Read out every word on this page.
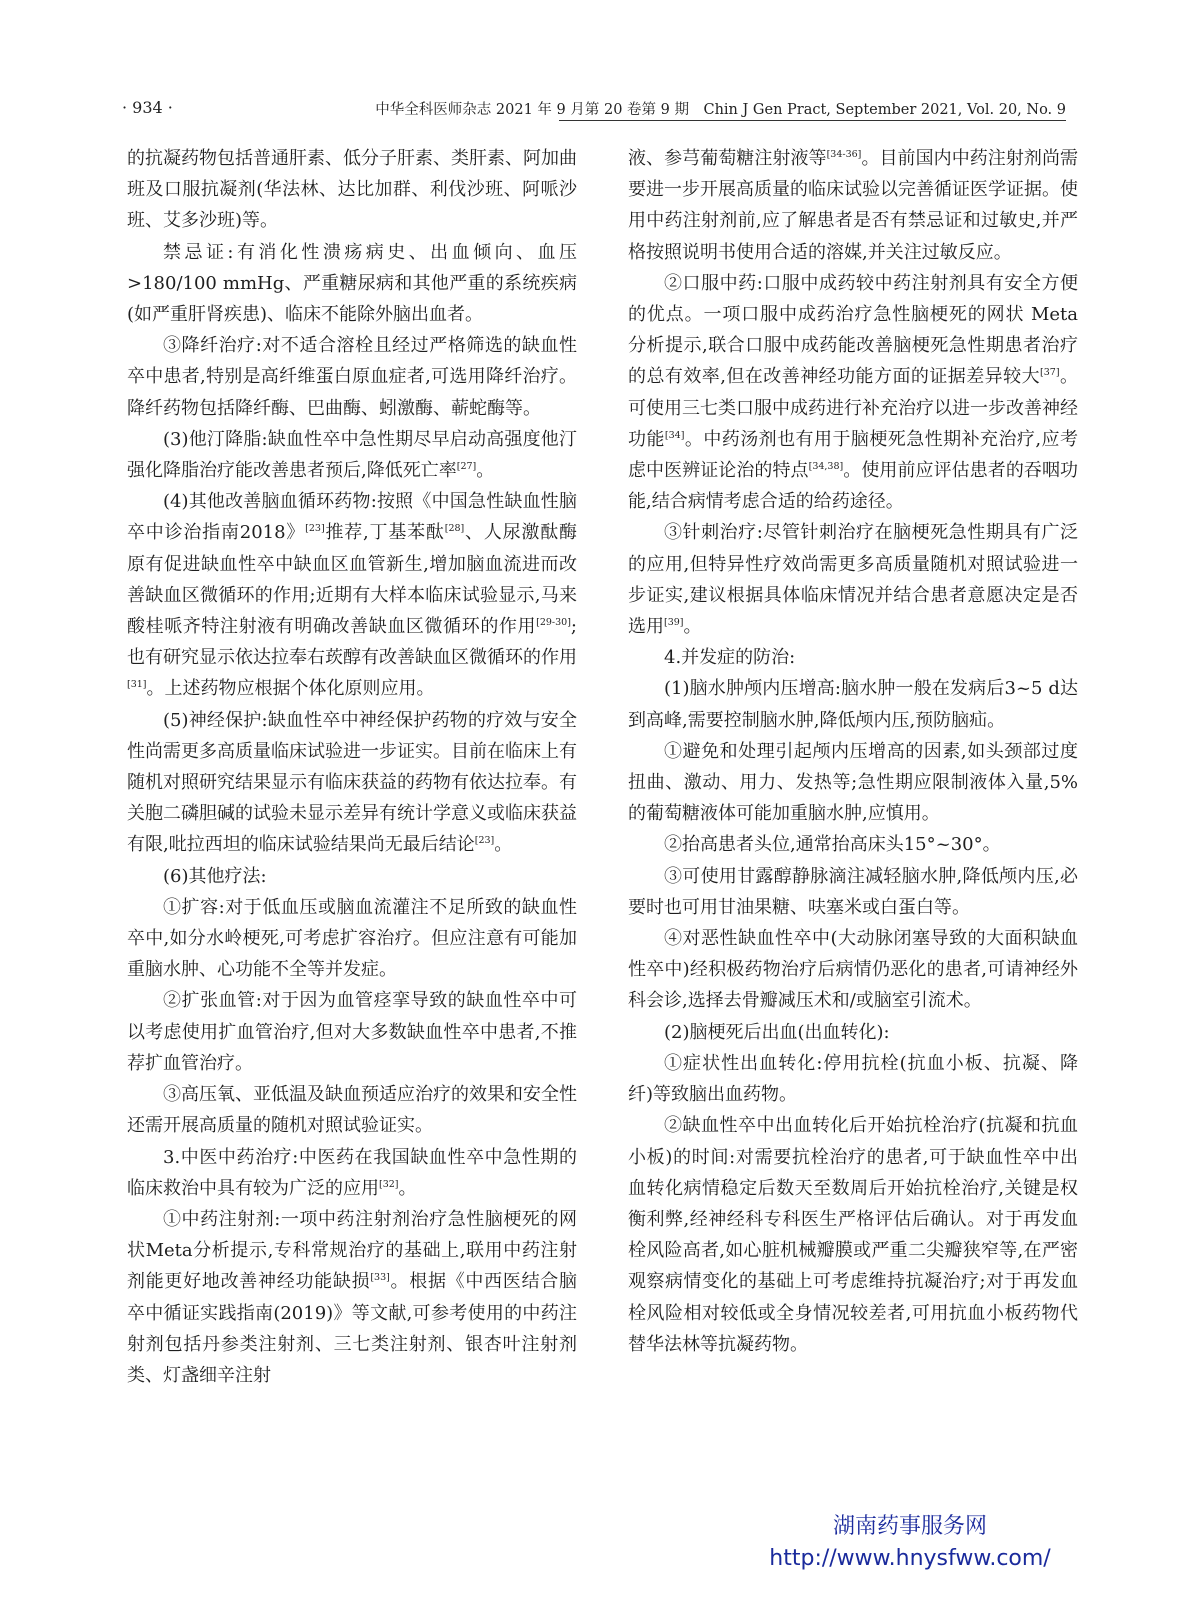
· 934 ·	中华全科医师杂志 2021 年 9 月第 20 卷第 9 期　Chin J Gen Pract, September 2021, Vol. 20, No. 9

的抗凝药物包括普通肝素、低分子肝素、类肝素、阿加曲班及口服抗凝剂(华法林、达比加群、利伐沙班、阿哌沙班、艾多沙班)等。

禁忌证:有消化性溃疡病史、出血倾向、血压>180/100 mmHg、严重糖尿病和其他严重的系统疾病(如严重肝肾疾患)、临床不能除外脑出血者。

③降纤治疗:对不适合溶栓且经过严格筛选的缺血性卒中患者,特别是高纤维蛋白原血症者,可选用降纤治疗。降纤药物包括降纤酶、巴曲酶、蚓激酶、蕲蛇酶等。

(3)他汀降脂:缺血性卒中急性期尽早启动高强度他汀强化降脂治疗能改善患者预后,降低死亡率[27]。

(4)其他改善脑血循环药物:按照《中国急性缺血性脑卒中诊治指南2018》[23]推荐,丁基苯酞[28]、人尿激酞酶原有促进缺血性卒中缺血区血管新生,增加脑血流进而改善缺血区微循环的作用;近期有大样本临床试验显示,马来酸桂哌齐特注射液有明确改善缺血区微循环的作用[29-30];也有研究显示依达拉奉右莰醇有改善缺血区微循环的作用[31]。上述药物应根据个体化原则应用。

(5)神经保护:缺血性卒中神经保护药物的疗效与安全性尚需更多高质量临床试验进一步证实。目前在临床上有随机对照研究结果显示有临床获益的药物有依达拉奉。有关胞二磷胆碱的试验未显示差异有统计学意义或临床获益有限,吡拉西坦的临床试验结果尚无最后结论[23]。

(6)其他疗法:

①扩容:对于低血压或脑血流灌注不足所致的缺血性卒中,如分水岭梗死,可考虑扩容治疗。但应注意有可能加重脑水肿、心功能不全等并发症。

②扩张血管:对于因为血管痉挛导致的缺血性卒中可以考虑使用扩血管治疗,但对大多数缺血性卒中患者,不推荐扩血管治疗。

③高压氧、亚低温及缺血预适应治疗的效果和安全性还需开展高质量的随机对照试验证实。

3.中医中药治疗:中医药在我国缺血性卒中急性期的临床救治中具有较为广泛的应用[32]。

①中药注射剂:一项中药注射剂治疗急性脑梗死的网状Meta分析提示,专科常规治疗的基础上,联用中药注射剂能更好地改善神经功能缺损[33]。根据《中西医结合脑卒中循证实践指南(2019)》等文献,可参考使用的中药注射剂包括丹参类注射剂、三七类注射剂、银杏叶注射剂类、灯盏细辛注射

液、参芎葡萄糖注射液等[34-36]。目前国内中药注射剂尚需要进一步开展高质量的临床试验以完善循证医学证据。使用中药注射剂前,应了解患者是否有禁忌证和过敏史,并严格按照说明书使用合适的溶媒,并关注过敏反应。

②口服中药:口服中成药较中药注射剂具有安全方便的优点。一项口服中成药治疗急性脑梗死的网状 Meta 分析提示,联合口服中成药能改善脑梗死急性期患者治疗的总有效率,但在改善神经功能方面的证据差异较大[37]。可使用三七类口服中成药进行补充治疗以进一步改善神经功能[34]。中药汤剂也有用于脑梗死急性期补充治疗,应考虑中医辨证论治的特点[34,38]。使用前应评估患者的吞咽功能,结合病情考虑合适的给药途径。

③针刺治疗:尽管针刺治疗在脑梗死急性期具有广泛的应用,但特异性疗效尚需更多高质量随机对照试验进一步证实,建议根据具体临床情况并结合患者意愿决定是否选用[39]。

4.并发症的防治:

(1)脑水肿颅内压增高:脑水肿一般在发病后3~5 d达到高峰,需要控制脑水肿,降低颅内压,预防脑疝。

①避免和处理引起颅内压增高的因素,如头颈部过度扭曲、激动、用力、发热等;急性期应限制液体入量,5%的葡萄糖液体可能加重脑水肿,应慎用。

②抬高患者头位,通常抬高床头15°~30°。

③可使用甘露醇静脉滴注减轻脑水肿,降低颅内压,必要时也可用甘油果糖、呋塞米或白蛋白等。

④对恶性缺血性卒中(大动脉闭塞导致的大面积缺血性卒中)经积极药物治疗后病情仍恶化的患者,可请神经外科会诊,选择去骨瓣减压术和/或脑室引流术。

(2)脑梗死后出血(出血转化):

①症状性出血转化:停用抗栓(抗血小板、抗凝、降纤)等致脑出血药物。

②缺血性卒中出血转化后开始抗栓治疗(抗凝和抗血小板)的时间:对需要抗栓治疗的患者,可于缺血性卒中出血转化病情稳定后数天至数周后开始抗栓治疗,关键是权衡利弊,经神经科专科医生严格评估后确认。对于再发血栓风险高者,如心脏机械瓣膜或严重二尖瓣狭窄等,在严密观察病情变化的基础上可考虑维持抗凝治疗;对于再发血栓风险相对较低或全身情况较差者,可用抗血小板药物代替华法林等抗凝药物。

湖南药事服务网
http://www.hnysfww.com/
